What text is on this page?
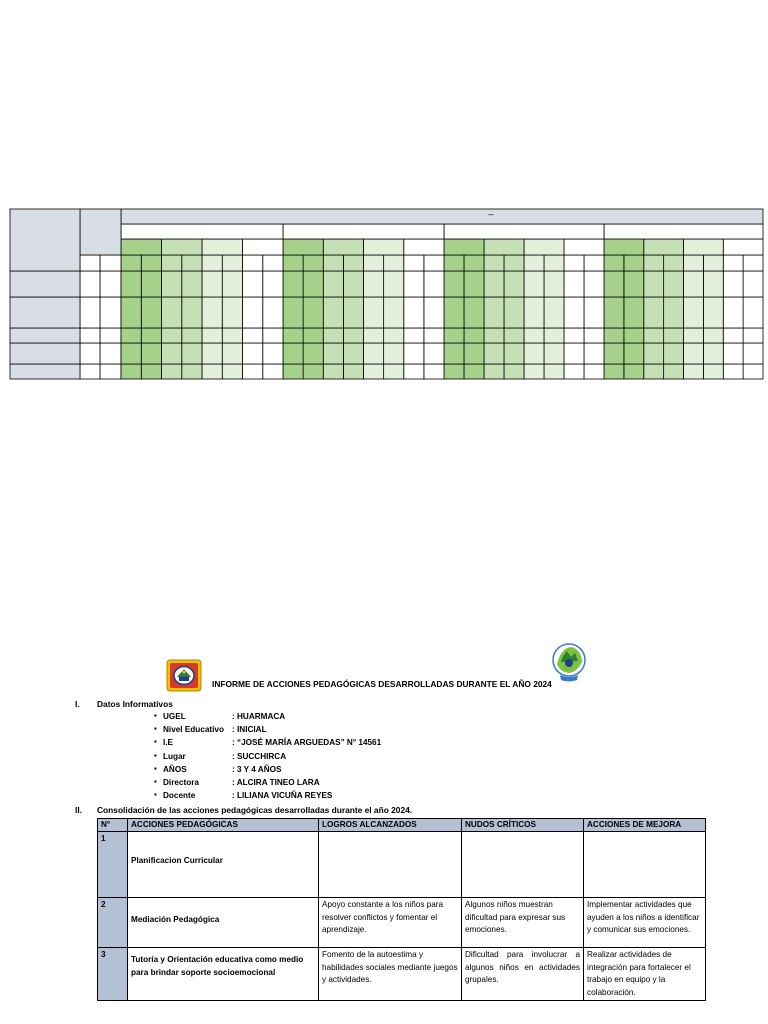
–
INFORME DE ACCIONES PEDAGÓGICAS DESARROLLADAS DURANTE EL AÑO 2024
I. Datos Informativos
▪ UGEL	: HUARMACA
▪ Nivel Educativo : INICIAL
▪ I.E	: “JOSÉ MARÍA ARGUEDAS” N° 14561
▪ Lugar	: SUCCHIRCA
▪ AÑOS	: 3 Y 4 AÑOS
▪ Directora	: ALCIRA TINEO LARA
▪ Docente	: LILIANA VICUÑA REYES
II. Consolidación de las acciones pedagógicas desarrolladas durante el año 2024.
N°	ACCIONES PEDAGÓGICAS	LOGROS ALCANZADOS	NUDOS CRÍTICOS	ACCIONES DE MEJORA
1	Planificacion Curricular			
2	Mediación Pedagógica	Apoyo constante a los niños para resolver conflictos y fomentar el aprendizaje.	Algunos niños muestran dificultad para expresar sus emociones.	Implementar actividades que ayuden a los niños a identificar y comunicar sus emociones.
3	Tutoría y Orientación educativa como medio para brindar soporte socioemocional	Fomento de la autoestima y habilidades sociales mediante juegos y actividades.	Dificultad para involucrar a algunos niños en actividades grupales.	Realizar actividades de integración para fortalecer el trabajo en equipo y la colaboración.
